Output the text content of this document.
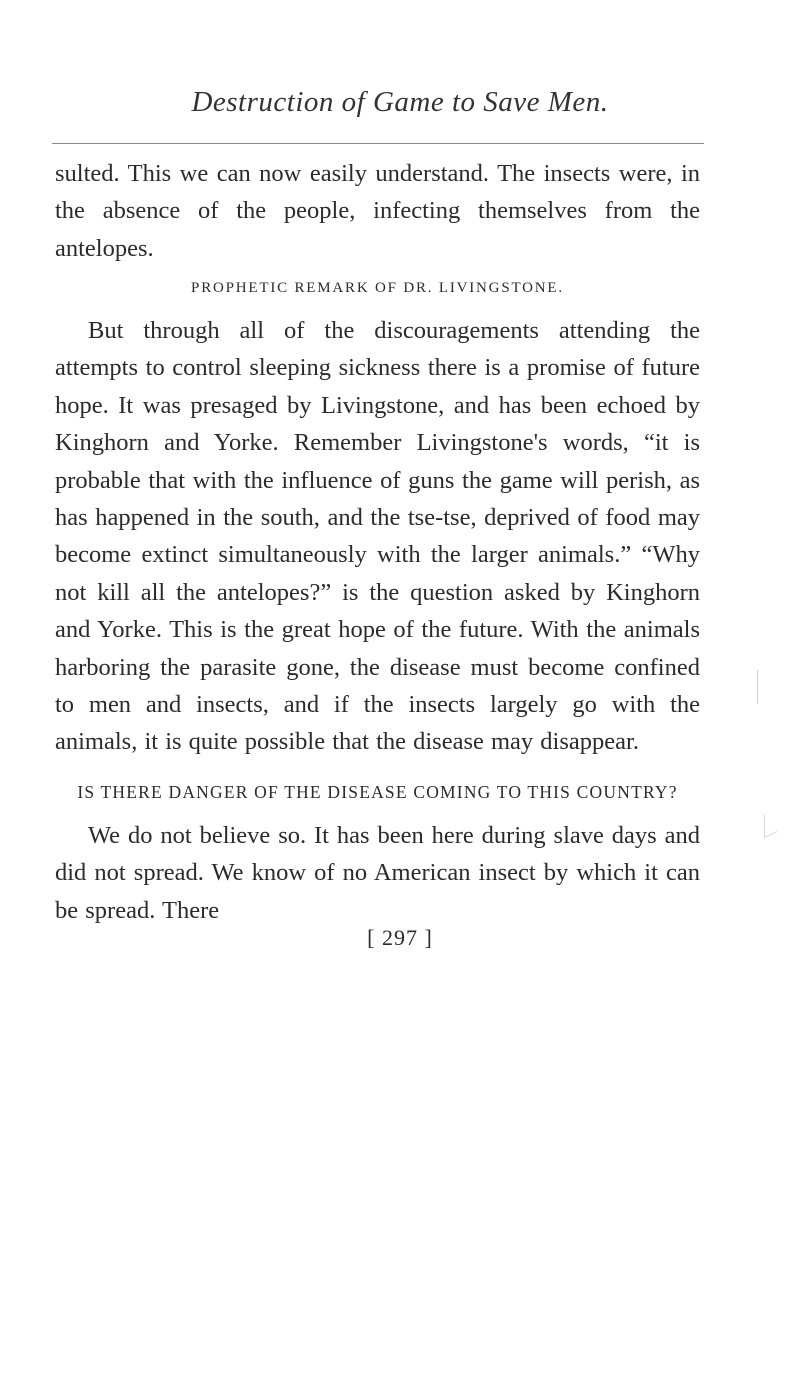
Destruction of Game to Save Men.

sulted. This we can now easily understand. The insects were, in the absence of the people, infecting themselves from the antelopes.

PROPHETIC REMARK OF DR. LIVINGSTONE.

But through all of the discouragements attending the attempts to control sleeping sickness there is a promise of future hope. It was presaged by Livingstone, and has been echoed by Kinghorn and Yorke. Remember Livingstone's words, “it is probable that with the influence of guns the game will perish, as has happened in the south, and the tse-tse, deprived of food may become extinct simultaneously with the larger animals.” “Why not kill all the antelopes?” is the question asked by Kinghorn and Yorke. This is the great hope of the future. With the animals harboring the parasite gone, the disease must become confined to men and insects, and if the insects largely go with the animals, it is quite possible that the disease may disappear.

IS THERE DANGER OF THE DISEASE COMING TO THIS COUNTRY?

We do not believe so. It has been here during slave days and did not spread. We know of no American insect by which it can be spread. There

[ 297 ]
